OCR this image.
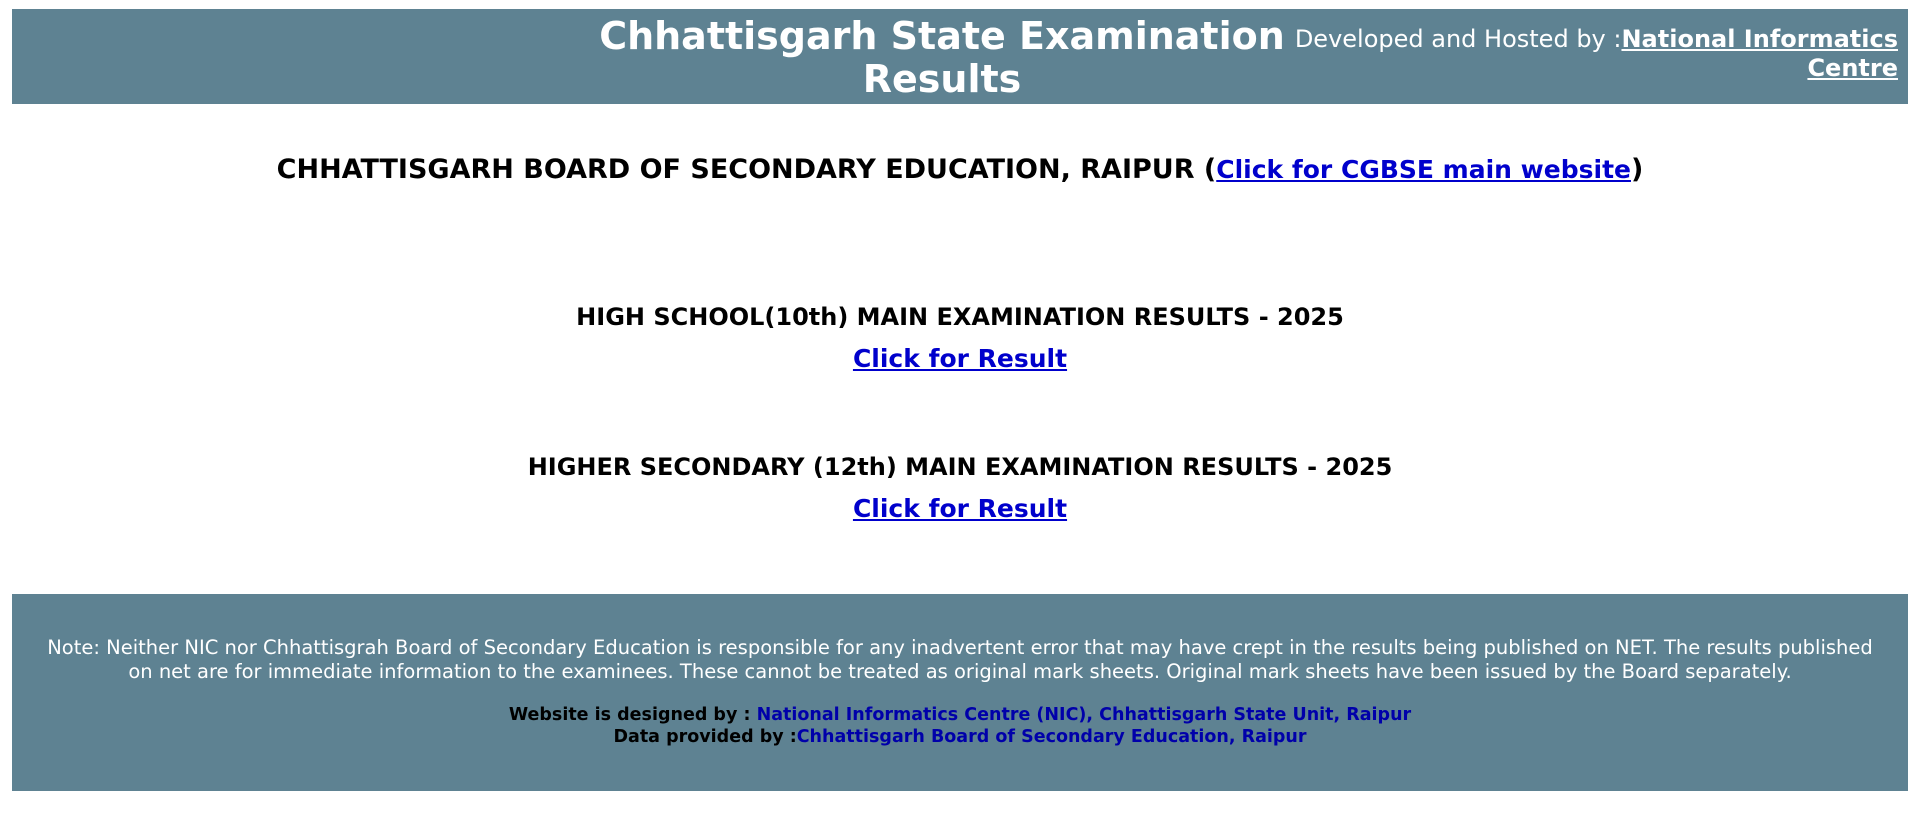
Chhattisgarh State Examination Results
Developed and Hosted by :National Informatics Centre
CHHATTISGARH BOARD OF SECONDARY EDUCATION, RAIPUR (Click for CGBSE main website)
HIGH SCHOOL(10th) MAIN EXAMINATION RESULTS - 2025
Click for Result
HIGHER SECONDARY (12th) MAIN EXAMINATION RESULTS - 2025
Click for Result
Note: Neither NIC nor Chhattisgrah Board of Secondary Education is responsible for any inadvertent error that may have crept in the results being published on NET. The results published on net are for immediate information to the examinees. These cannot be treated as original mark sheets. Original mark sheets have been issued by the Board separately.
Website is designed by : National Informatics Centre (NIC), Chhattisgarh State Unit, Raipur
Data provided by :Chhattisgarh Board of Secondary Education, Raipur
